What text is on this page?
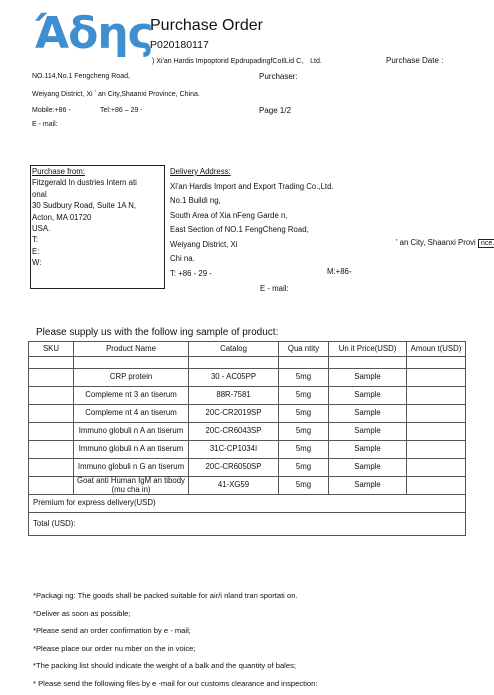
Άδης
Purchase Order
P020180117
) Xi'an Hardis Impoptorid EpdrupadingfCoIlLid C、 Ltd.	Purchase Date :
NO.114,No.1 Fengcheng Road,	Purchaser:
Weiyang District, Xi ʼ an City,Shaanxi Province, China.
Mobile:+86 -	Tel:+86 – 29 -	Page 1/2
E - mail:
Purchase from:
Fitzgerald In dustries Intern ati
onal
30 Sudbury Road, Suite 1A N,
Acton, MA 01720
USA.
T:
E:
W:
Delivery Address:
Xi'an Hardis Import and Export Trading Co.,Ltd.
No.1 Buildi ng,
South Area of Xia nFeng Garde n,
East Section of NO.1 FengCheng Road,
Weiyang District, Xi
Chi na.
T: +86 - 29 -
' an City, Shaanxi Provi nce.
M:+86-
E - mail:
Please supply us with the follow ing sample of product:
SKU	Product Name	Catalog	Qua ntity	Un it Price(USD)	Amoun t(USD)

	CRP protein	30 - AC05PP	5mg	Sample	
	Compleme nt 3 an tiserum	88R-7581	5mg	Sample	
	Compleme nt 4 an tiserum	20C-CR2019SP	5mg	Sample	
	Immuno globuli n A an tiserum	20C-CR6043SP	5mg	Sample	
	Immuno globuli n A an tiserum	31C-CP1034I	5mg	Sample	
	Immuno globuli n G an tiserum	20C-CR6050SP	5mg	Sample	
	Goat anti Human IgM an tibody (mu cha in)	41-XG59	5mg	Sample	
Premium for express delivery(USD)					
Total (USD):					
*Packagi ng: The goods shall be packed suitable for air/i nland tran sportati on.
*Deliver as soon as possible;
*Please send an order confirmation by e - mail;
*Please place our order nu mber on the in voice;
*The packing list should indicate the weight of a balk and the quantity of bales;
* Please send the following files by e -mail for our customs clearance and inspection:
